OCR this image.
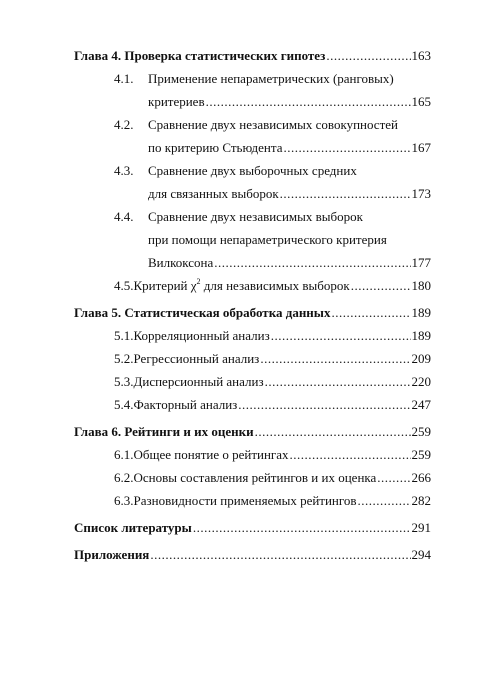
Глава 4. Проверка статистических гипотез .....	163
4.1. Применение непараметрических (ранговых)
критериев .....	165
4.2. Сравнение двух независимых совокупностей
по критерию Стьюдента .....	167
4.3. Сравнение двух выборочных средних
для связанных выборок .....	173
4.4. Сравнение двух независимых выборок
при помощи непараметрического критерия
Вилкоксона .....	177
4.5. Критерий $\chi^2$ для независимых выборок .....	180
Глава 5. Статистическая обработка данных .....	189
5.1. Корреляционный анализ .....	189
5.2. Регрессионный анализ .....	209
5.3. Дисперсионный анализ .....	220
5.4. Факторный анализ .....	247
Глава 6. Рейтинги и их оценки .....	259
6.1. Общее понятие о рейтингах .....	259
6.2. Основы составления рейтингов и их оценка .....	266
6.3. Разновидности применяемых рейтингов .....	282
Список литературы .....	291
Приложения .....	294
